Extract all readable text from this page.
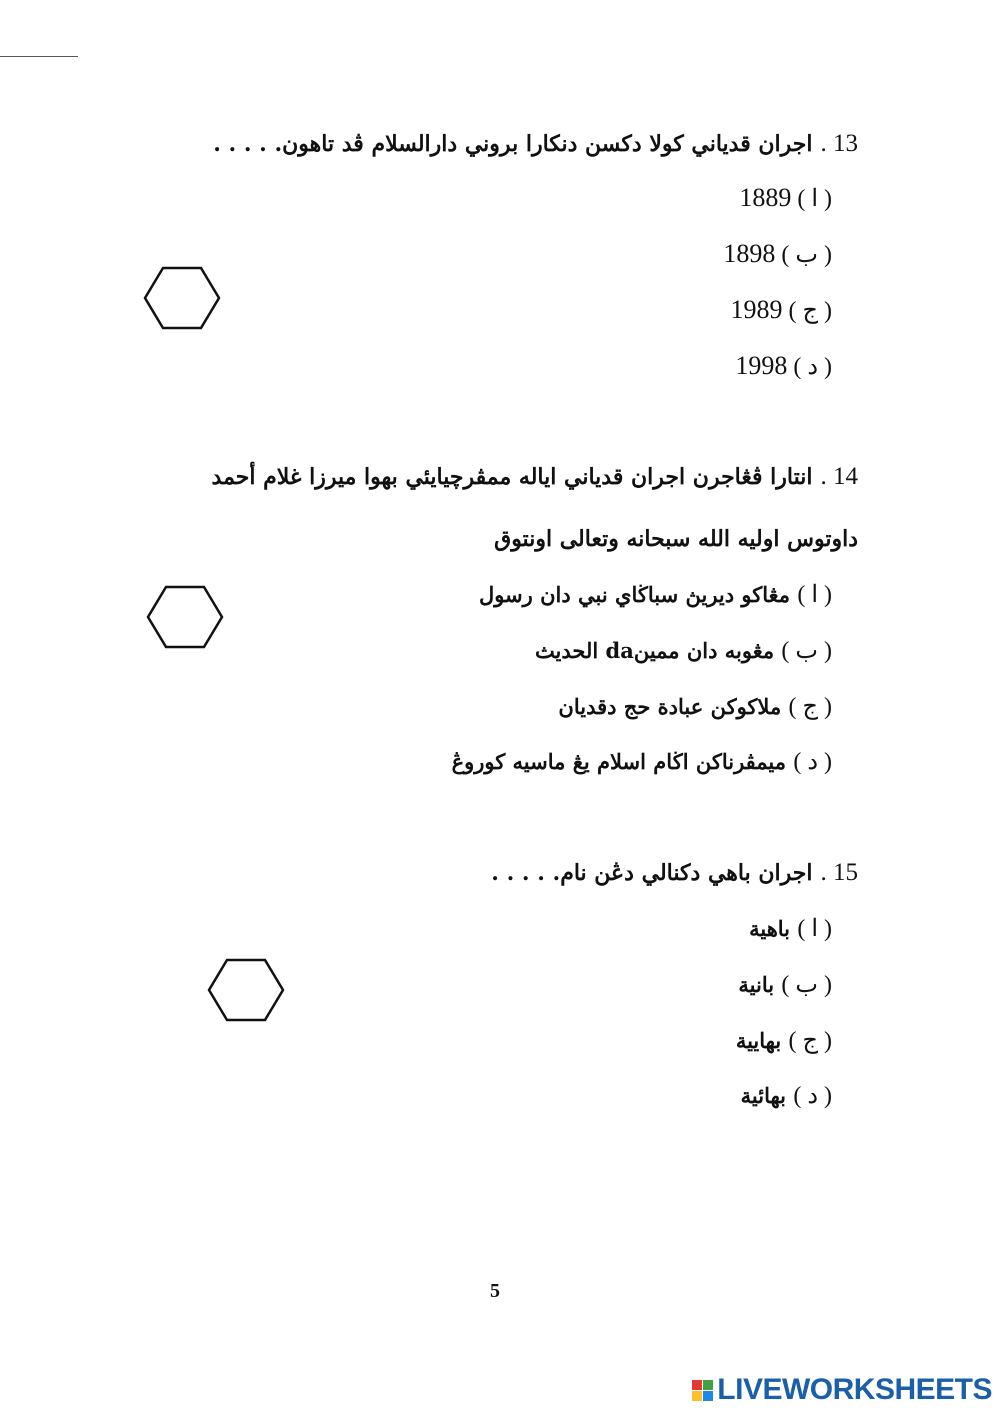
13 .اجران قدياني كولا دكسن دنكارا بروني دارالسلام ڤد تاهون. . . . .
( ا )1889
( ب )1898
( ج )1989
( د )1998
14 .انتارا ڤڠاجرن اجران قدياني اياله ممڤرچيايئي بهوا ميرزا غلام أحمد داوتوس اوليه الله سبحانه وتعالى اونتوق
( ا ) مڠاكو ديريڽ سباڬاي نبي دان رسول
( ب ) مڠوبه دان ممينda الحديث
( ج ) ملاكوكن عبادة حج دقديان
( د ) ميمڤرناكن اڬام اسلام يڠ ماسيه كوروڠ
15 .اجران باهي دكنالي دڠن نام. . . . .
( ا ) باهية
( ب ) بانية
( ج ) بهايية
( د ) بهائية
5
LIVEWORKSHEETS
